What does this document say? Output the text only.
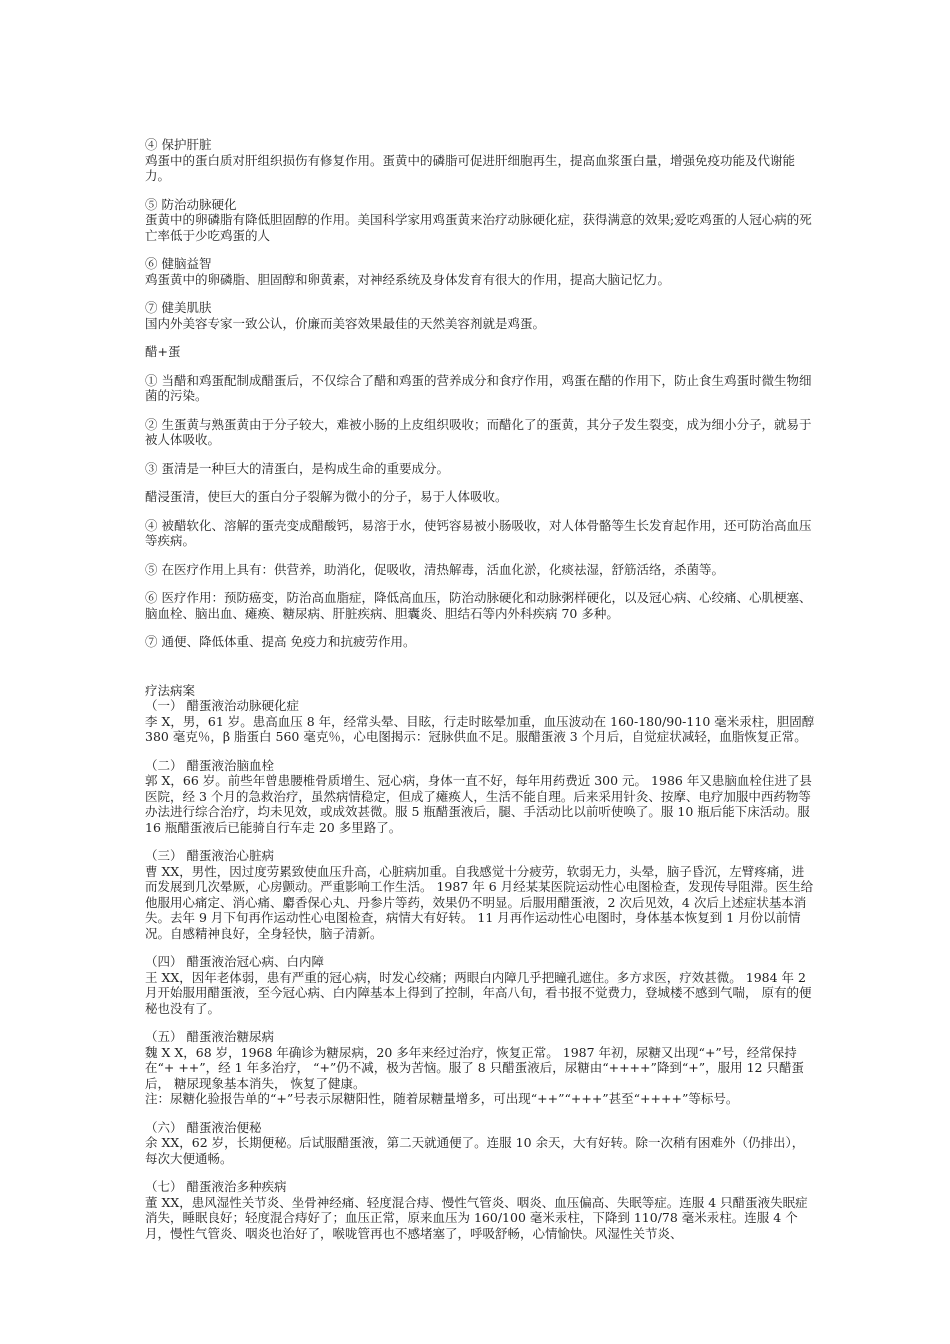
④ 保护肝脏

鸡蛋中的蛋白质对肝组织损伤有修复作用。蛋黄中的磷脂可促进肝细胞再生，提高血浆蛋白量，增强免疫功能及代谢能力。

⑤ 防治动脉硬化

蛋黄中的卵磷脂有降低胆固醇的作用。美国科学家用鸡蛋黄来治疗动脉硬化症，获得满意的效果;爱吃鸡蛋的人冠心病的死亡率低于少吃鸡蛋的人

⑥ 健脑益智

鸡蛋黄中的卵磷脂、胆固醇和卵黄素，对神经系统及身体发育有很大的作用，提高大脑记忆力。

⑦ 健美肌肤

国内外美容专家一致公认，价廉而美容效果最佳的天然美容剂就是鸡蛋。

醋+蛋

① 当醋和鸡蛋配制成醋蛋后，不仅综合了醋和鸡蛋的营养成分和食疗作用，鸡蛋在醋的作用下，防止食生鸡蛋时微生物细菌的污染。

② 生蛋黄与熟蛋黄由于分子较大，难被小肠的上皮组织吸收；而醋化了的蛋黄，其分子发生裂变，成为细小分子，就易于被人体吸收。

③ 蛋清是一种巨大的清蛋白，是构成生命的重要成分。

醋浸蛋清，使巨大的蛋白分子裂解为微小的分子，易于人体吸收。

④ 被醋软化、溶解的蛋壳变成醋酸钙，易溶于水，使钙容易被小肠吸收，对人体骨骼等生长发育起作用，还可防治高血压等疾病。

⑤ 在医疗作用上具有：供营养，助消化，促吸收，清热解毒，活血化淤，化痰祛湿，舒筋活络，杀菌等。

⑥ 医疗作用：预防癌变，防治高血脂症，降低高血压，防治动脉硬化和动脉粥样硬化，以及冠心病、心绞痛、心肌梗塞、脑血栓、脑出血、瘫痪、糖尿病、肝脏疾病、胆囊炎、胆结石等内外科疾病 70 多种。

⑦ 通便、降低体重、提高 免疫力和抗疲劳作用。

疗法病案

（一） 醋蛋液治动脉硬化症

李 X，男，61 岁。患高血压 8 年，经常头晕、目眩，行走时眩晕加重，血压波动在 160-180/90-110 毫米汞柱，胆固醇 380 毫克％，β 脂蛋白 560 毫克％，心电图揭示：冠脉供血不足。服醋蛋液 3 个月后，自觉症状减轻，血脂恢复正常。

（二） 醋蛋液治脑血栓

郭 X，66 岁。前些年曾患腰椎骨质增生、冠心病，身体一直不好，每年用药费近 300 元。 1986 年又患脑血栓住进了县医院，经 3 个月的急救治疗，虽然病情稳定，但成了瘫痪人，生活不能自理。后来采用针灸、按摩、电疗加服中西药物等办法进行综合治疗，均未见效，或成效甚微。服 5 瓶醋蛋液后，腿、手活动比以前听使唤了。服 10 瓶后能下床活动。服 16 瓶醋蛋液后已能骑自行车走 20 多里路了。

（三） 醋蛋液治心脏病

曹 XX，男性，因过度劳累致使血压升高，心脏病加重。自我感觉十分疲劳，软弱无力，头晕，脑子昏沉，左臂疼痛，进而发展到几次晕厥，心房颤动。严重影响工作生活。 1987 年 6 月经某某医院运动性心电图检查，发现传导阻滞。医生给他服用心痛定、消心痛、麝香保心丸、丹参片等药，效果仍不明显。后服用醋蛋液，2 次后见效，4 次后上述症状基本消失。去年 9 月下旬再作运动性心电图检查，病情大有好转。 11 月再作运动性心电图时，身体基本恢复到 1 月份以前情况。自感精神良好，全身轻快，脑子清新。

（四） 醋蛋液治冠心病、白内障

王 XX，因年老体弱，患有严重的冠心病，时发心绞痛；两眼白内障几乎把瞳孔遮住。多方求医，疗效甚微。 1984 年 2 月开始服用醋蛋液，至今冠心病、白内障基本上得到了控制，年高八旬，看书报不觉费力，登城楼不感到气喘， 原有的便秘也没有了。

（五） 醋蛋液治糖尿病

魏 X X，68 岁，1968 年确诊为糖尿病，20 多年来经过治疗，恢复正常。 1987 年初，尿糖又出现“+”号，经常保持在“+ ++”，经 1 年多治疗， “+”仍不减，极为苦恼。服了 8 只醋蛋液后，尿糖由“++++”降到“+”，服用 12 只醋蛋后， 糖尿现象基本消失， 恢复了健康。

注：尿糖化验报告单的“+”号表示尿糖阳性，随着尿糖量增多，可出现“++”“+++”甚至“++++”等标号。

（六） 醋蛋液治便秘

余 XX，62 岁，长期便秘。后试服醋蛋液，第二天就通便了。连服 10 余天，大有好转。除一次稍有困难外（仍排出）， 每次大便通畅。

（七） 醋蛋液治多种疾病

董 XX，患风湿性关节炎、坐骨神经痛、轻度混合痔、慢性气管炎、咽炎、血压偏高、失眠等症。连服 4 只醋蛋液失眠症消失，睡眠良好；轻度混合痔好了；血压正常，原来血压为 160/100 毫米汞柱，下降到 110/78 毫米汞柱。连服 4 个月，慢性气管炎、咽炎也治好了，喉咙管再也不感堵塞了，呼吸舒畅，心情愉快。风湿性关节炎、
